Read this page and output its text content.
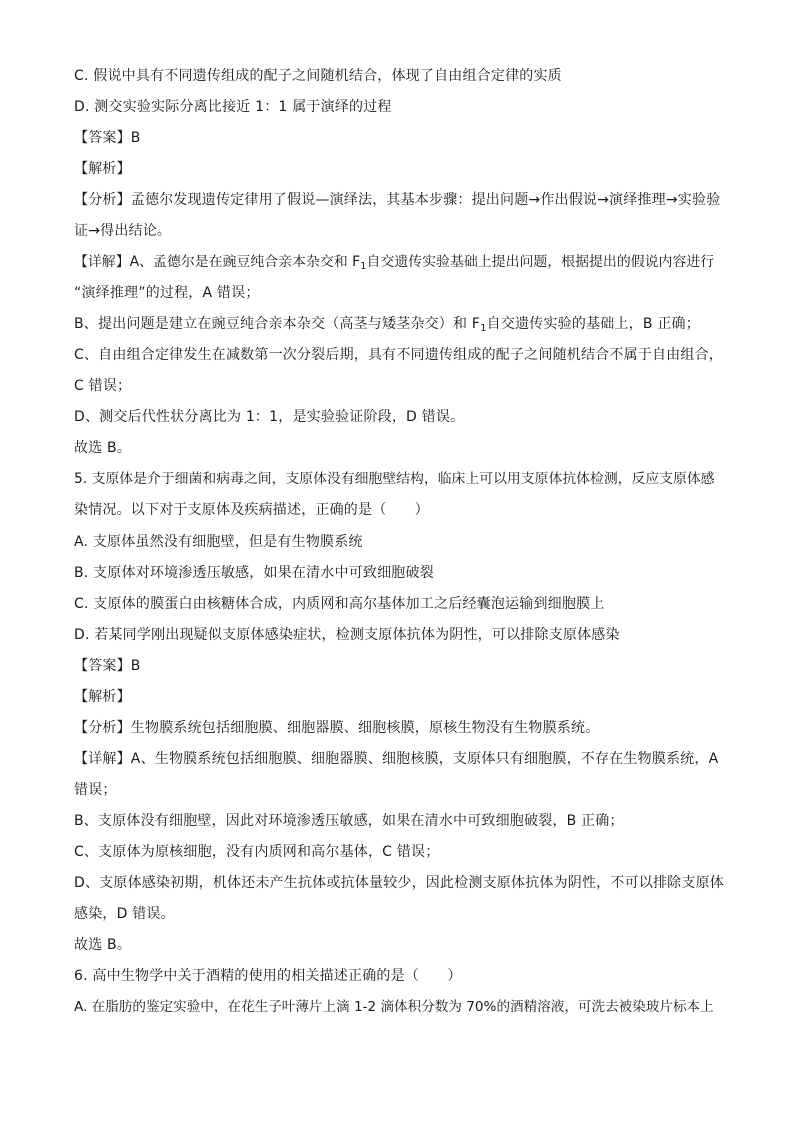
C. 假说中具有不同遗传组成的配子之间随机结合，体现了自由组合定律的实质
D. 测交实验实际分离比接近 1：1 属于演绎的过程
【答案】B
【解析】
【分析】孟德尔发现遗传定律用了假说—演绎法，其基本步骤：提出问题→作出假说→演绎推理→实验验
证→得出结论。
【详解】A、孟德尔是在豌豆纯合亲本杂交和 $F_1$自交遗传实验基础上提出问题，根据提出的假说内容进行
“演绎推理”的过程，A 错误；
B、提出问题是建立在豌豆纯合亲本杂交（高茎与矮茎杂交）和 $F_1$自交遗传实验的基础上，B 正确；
C、自由组合定律发生在减数第一次分裂后期，具有不同遗传组成的配子之间随机结合不属于自由组合，
C 错误；
D、测交后代性状分离比为 1：1，是实验验证阶段，D 错误。
故选 B。
5. 支原体是介于细菌和病毒之间，支原体没有细胞壁结构，临床上可以用支原体抗体检测，反应支原体感
染情况。以下对于支原体及疾病描述，正确的是（　　）
A. 支原体虽然没有细胞壁，但是有生物膜系统
B. 支原体对环境渗透压敏感，如果在清水中可致细胞破裂
C. 支原体的膜蛋白由核糖体合成，内质网和高尔基体加工之后经囊泡运输到细胞膜上
D. 若某同学刚出现疑似支原体感染症状，检测支原体抗体为阴性，可以排除支原体感染
【答案】B
【解析】
【分析】生物膜系统包括细胞膜、细胞器膜、细胞核膜，原核生物没有生物膜系统。
【详解】A、生物膜系统包括细胞膜、细胞器膜、细胞核膜，支原体只有细胞膜，不存在生物膜系统，A
错误；
B、支原体没有细胞壁，因此对环境渗透压敏感，如果在清水中可致细胞破裂，B 正确；
C、支原体为原核细胞，没有内质网和高尔基体，C 错误；
D、支原体感染初期，机体还未产生抗体或抗体量较少，因此检测支原体抗体为阴性，不可以排除支原体
感染，D 错误。
故选 B。
6. 高中生物学中关于酒精的使用的相关描述正确的是（　　）
A. 在脂肪的鉴定实验中，在花生子叶薄片上滴 1-2 滴体积分数为 70%的酒精溶液，可洗去被染玻片标本上
